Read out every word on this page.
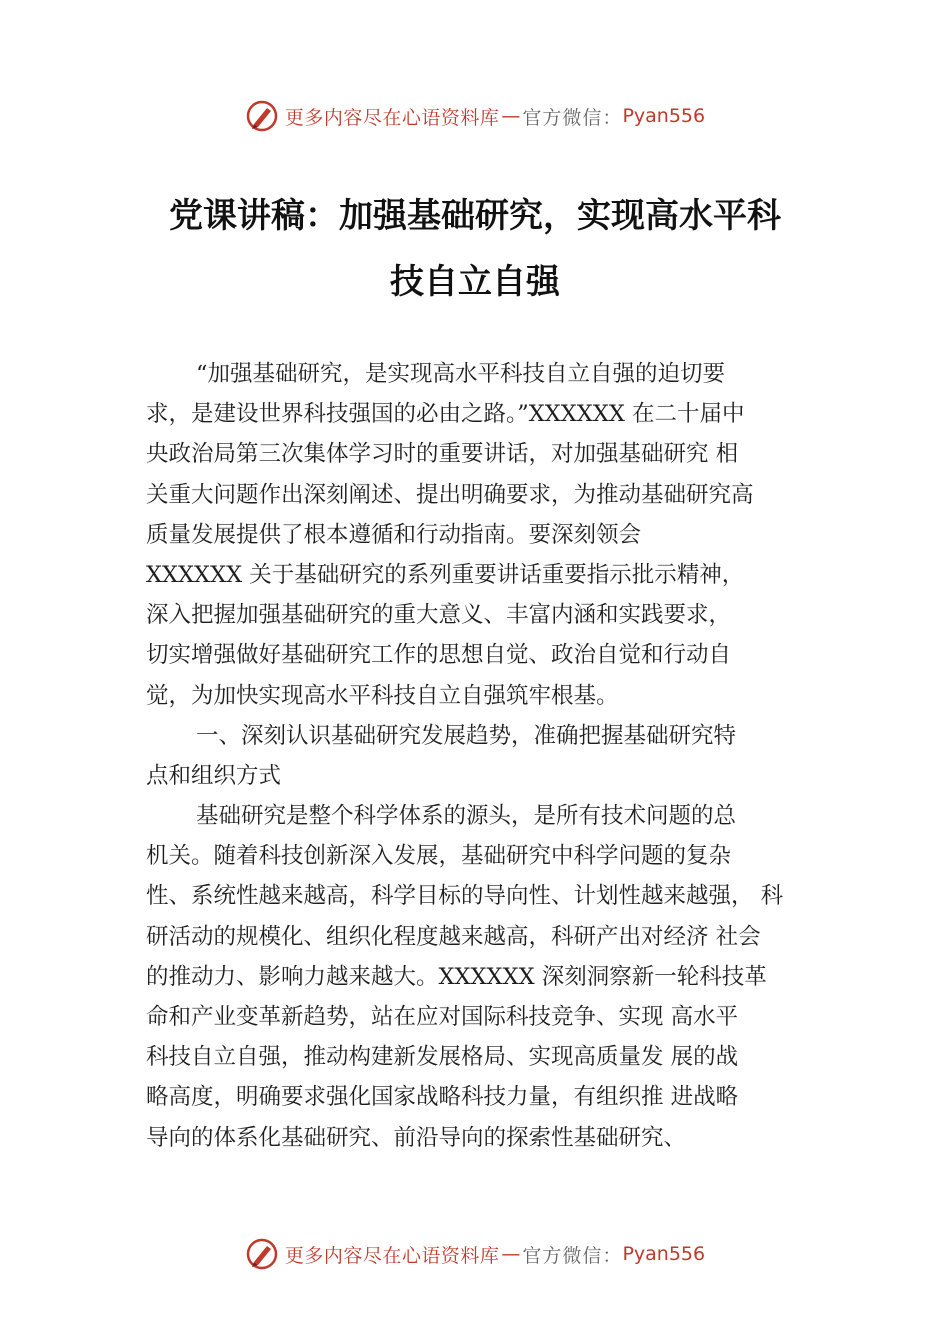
更多内容尽在心语资料库 — 官方微信： Pyan556
党课讲稿：加强基础研究，实现高水平科
技自立自强
“加强基础研究，是实现高水平科技自立自强的迫切要
求，是建设世界科技强国的必由之路。”XXXXXX 在二十届中
央政治局第三次集体学习时的重要讲话，对加强基础研究 相
关重大问题作出深刻阐述、提出明确要求，为推动基础研究高
质量发展提供了根本遵循和行动指南。要深刻领会
XXXXXX 关于基础研究的系列重要讲话重要指示批示精神，
深入把握加强基础研究的重大意义、丰富内涵和实践要求，
切实增强做好基础研究工作的思想自觉、政治自觉和行动自
觉，为加快实现高水平科技自立自强筑牢根基。
一、深刻认识基础研究发展趋势，准确把握基础研究特
点和组织方式
基础研究是整个科学体系的源头，是所有技术问题的总
机关。随着科技创新深入发展，基础研究中科学问题的复杂
性、系统性越来越高，科学目标的导向性、计划性越来越强， 科
研活动的规模化、组织化程度越来越高，科研产出对经济 社会
的推动力、影响力越来越大。XXXXXX 深刻洞察新一轮科技革
命和产业变革新趋势，站在应对国际科技竞争、实现 高水平
科技自立自强，推动构建新发展格局、实现高质量发 展的战
略高度，明确要求强化国家战略科技力量，有组织推 进战略
导向的体系化基础研究、前沿导向的探索性基础研究、
更多内容尽在心语资料库 — 官方微信： Pyan556
